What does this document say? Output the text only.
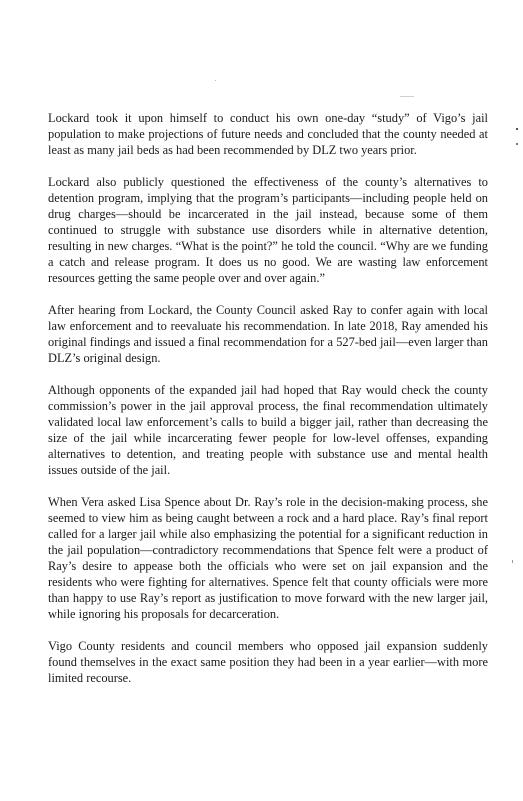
Lockard took it upon himself to conduct his own one-day “study” of Vigo’s jail population to make projections of future needs and concluded that the county needed at least as many jail beds as had been recommended by DLZ two years prior.

Lockard also publicly questioned the effectiveness of the county’s alternatives to detention program, implying that the program’s participants—including people held on drug charges—should be incarcerated in the jail instead, because some of them continued to struggle with substance use disorders while in alternative detention, resulting in new charges. “What is the point?” he told the council. “Why are we funding a catch and release program. It does us no good. We are wasting law enforcement resources getting the same people over and over again.”

After hearing from Lockard, the County Council asked Ray to confer again with local law enforcement and to reevaluate his recommendation. In late 2018, Ray amended his original findings and issued a final recommendation for a 527-bed jail—even larger than DLZ’s original design.

Although opponents of the expanded jail had hoped that Ray would check the county commission’s power in the jail approval process, the final recommendation ultimately validated local law enforcement’s calls to build a bigger jail, rather than decreasing the size of the jail while incarcerating fewer people for low-level offenses, expanding alternatives to detention, and treating people with substance use and mental health issues outside of the jail.

When Vera asked Lisa Spence about Dr. Ray’s role in the decision-making process, she seemed to view him as being caught between a rock and a hard place. Ray’s final report called for a larger jail while also emphasizing the potential for a significant reduction in the jail population—contradictory recommendations that Spence felt were a product of Ray’s desire to appease both the officials who were set on jail expansion and the residents who were fighting for alternatives. Spence felt that county officials were more than happy to use Ray’s report as justification to move forward with the new larger jail, while ignoring his proposals for decarceration.

Vigo County residents and council members who opposed jail expansion suddenly found themselves in the exact same position they had been in a year earlier—with more limited recourse.
